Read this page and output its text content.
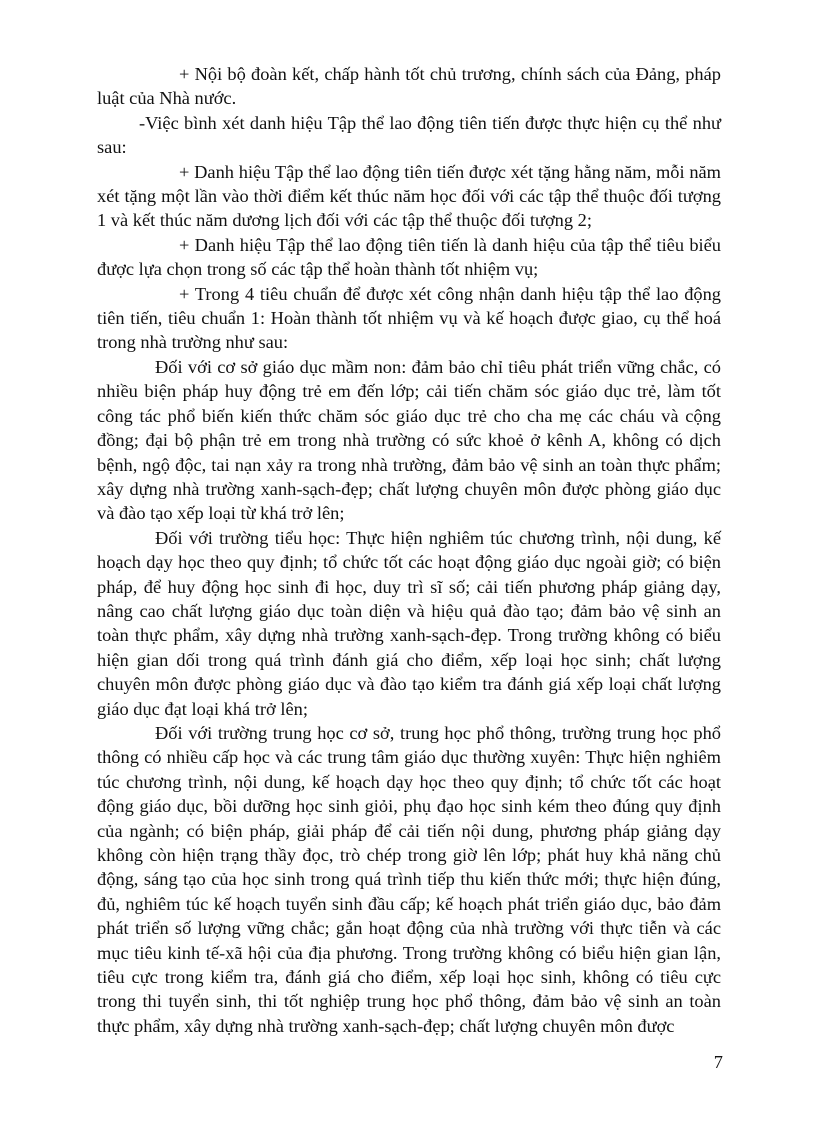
+ Nội bộ đoàn kết, chấp hành tốt chủ trương, chính sách của Đảng, pháp luật của Nhà nước.

-Việc bình xét danh hiệu Tập thể lao động tiên tiến được thực hiện cụ thể như sau:

+ Danh hiệu Tập thể lao động tiên tiến được xét tặng hằng năm, mỗi năm xét tặng một lần vào thời điểm kết thúc năm học đối với các tập thể thuộc đối tượng 1 và kết thúc năm dương lịch đối với các tập thể thuộc đối tượng 2;

+ Danh hiệu Tập thể lao động tiên tiến là danh hiệu của tập thể tiêu biểu được lựa chọn trong số các tập thể hoàn thành tốt nhiệm vụ;

+ Trong 4 tiêu chuẩn để được xét công nhận danh hiệu tập thể lao động tiên tiến, tiêu chuẩn 1: Hoàn thành tốt nhiệm vụ và kế hoạch được giao, cụ thể hoá trong nhà trường như sau:

Đối với cơ sở giáo dục mầm non: đảm bảo chỉ tiêu phát triển vững chắc, có nhiều biện pháp huy động trẻ em đến lớp; cải tiến chăm sóc giáo dục trẻ, làm tốt công tác phổ biến kiến thức chăm sóc giáo dục trẻ cho cha mẹ các cháu và cộng đồng; đại bộ phận trẻ em trong nhà trường có sức khoẻ ở kênh A, không có dịch bệnh, ngộ độc, tai nạn xảy ra trong nhà trường, đảm bảo vệ sinh an toàn thực phẩm; xây dựng nhà trường xanh-sạch-đẹp; chất lượng chuyên môn được phòng giáo dục và đào tạo xếp loại từ khá trở lên;

Đối với trường tiểu học: Thực hiện nghiêm túc chương trình, nội dung, kế hoạch dạy học theo quy định; tổ chức tốt các hoạt động giáo dục ngoài giờ; có biện pháp, để huy động học sinh đi học, duy trì sĩ số; cải tiến phương pháp giảng dạy, nâng cao chất lượng giáo dục toàn diện và hiệu quả đào tạo; đảm bảo vệ sinh an toàn thực phẩm, xây dựng nhà trường xanh-sạch-đẹp. Trong trường không có biểu hiện gian dối trong quá trình đánh giá cho điểm, xếp loại học sinh; chất lượng chuyên môn được phòng giáo dục và đào tạo kiểm tra đánh giá xếp loại chất lượng giáo dục đạt loại khá trở lên;

Đối với trường trung học cơ sở, trung học phổ thông, trường trung học phổ thông có nhiều cấp học và các trung tâm giáo dục thường xuyên: Thực hiện nghiêm túc chương trình, nội dung, kế hoạch dạy học theo quy định; tổ chức tốt các hoạt động giáo dục, bồi dưỡng học sinh giỏi, phụ đạo học sinh kém theo đúng quy định của ngành; có biện pháp, giải pháp để cải tiến nội dung, phương pháp giảng dạy không còn hiện trạng thầy đọc, trò chép trong giờ lên lớp; phát huy khả năng chủ động, sáng tạo của học sinh trong quá trình tiếp thu kiến thức mới; thực hiện đúng, đủ, nghiêm túc kế hoạch tuyển sinh đầu cấp; kế hoạch phát triển giáo dục, bảo đảm phát triển số lượng vững chắc; gắn hoạt động của nhà trường với thực tiễn và các mục tiêu kinh tế-xã hội của địa phương. Trong trường không có biểu hiện gian lận, tiêu cực trong kiểm tra, đánh giá cho điểm, xếp loại học sinh, không có tiêu cực trong thi tuyển sinh, thi tốt nghiệp trung học phổ thông, đảm bảo vệ sinh an toàn thực phẩm, xây dựng nhà trường xanh-sạch-đẹp; chất lượng chuyên môn được

7
